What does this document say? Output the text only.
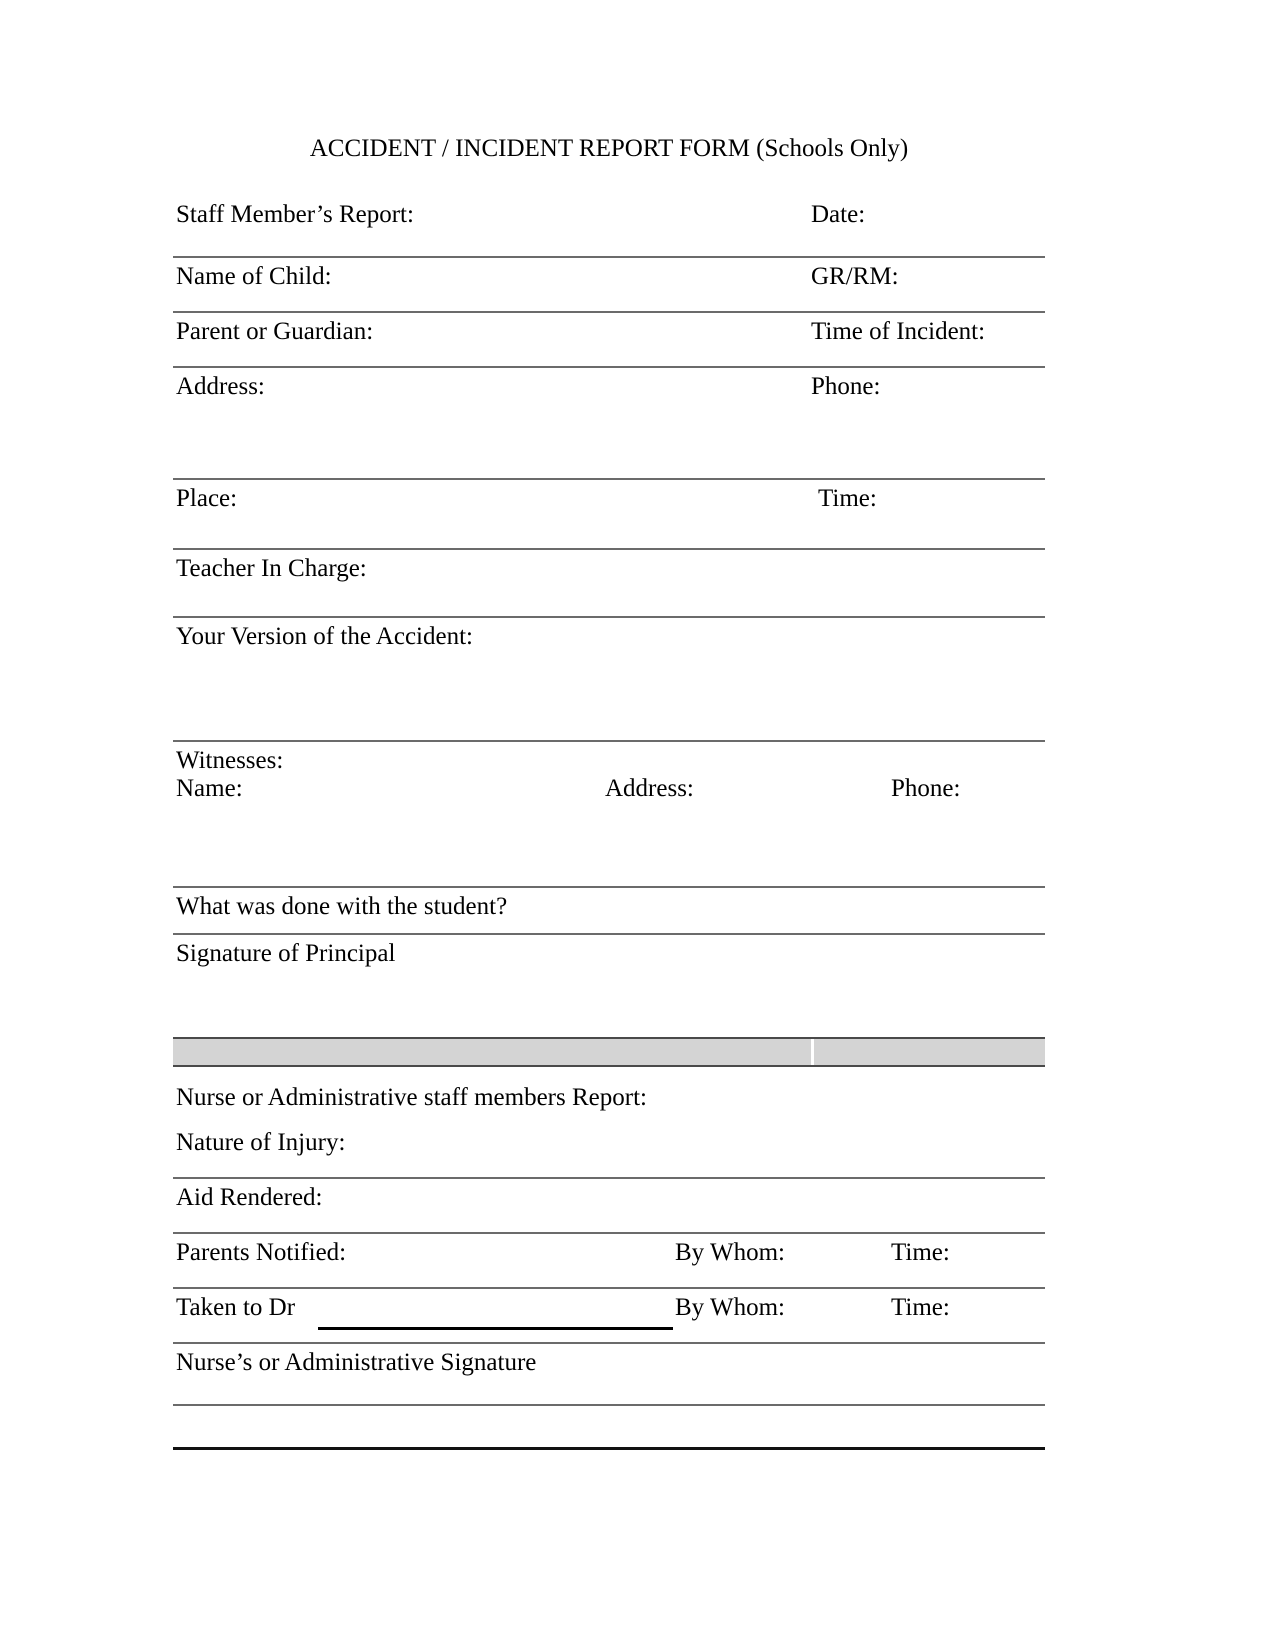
ACCIDENT / INCIDENT REPORT FORM (Schools Only)
Staff Member’s Report:	Date:
Name of Child:	GR/RM:
Parent or Guardian:	Time of Incident:
Address:	Phone:
Place:	Time:
Teacher In Charge:
Your Version of the Accident:
Witnesses:
Name:	Address:	Phone:
What was done with the student?
Signature of Principal
Nurse or Administrative staff members Report:
Nature of Injury:
Aid Rendered:
Parents Notified:	By Whom:	Time:
Taken to Dr	By Whom:	Time:
Nurse’s or Administrative Signature
